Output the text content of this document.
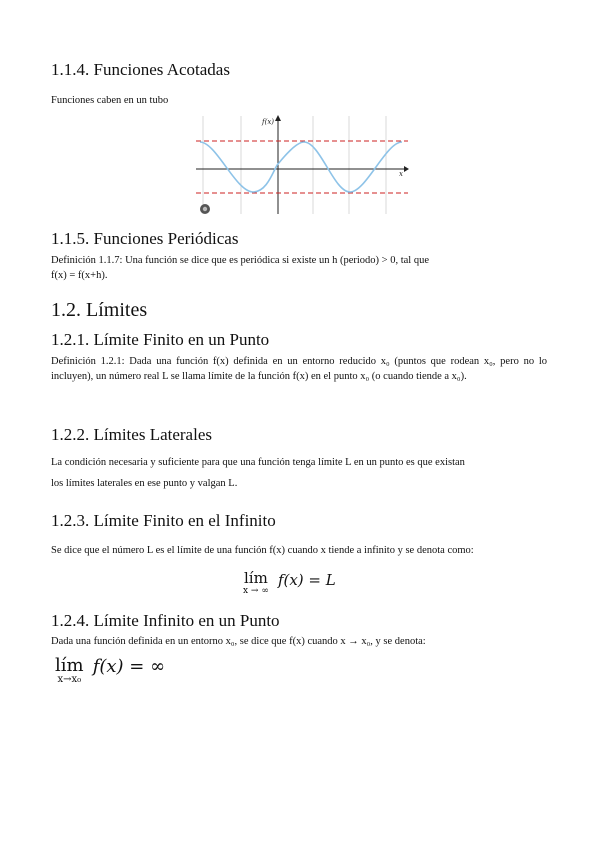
1.1.4. Funciones Acotadas

Funciones caben en un tubo

f(x)
x
1.1.5. Funciones Periódicas

Definición 1.1.7: Una función se dice que es periódica si existe un h (periodo) > 0, tal que

f(x) = f(x+h).

1.2. Límites
1.2.1. Límite Finito en un Punto

Definición 1.2.1: Dada una función f(x) definida en un entorno reducido x₀ (puntos que rodean x₀, pero no lo incluyen), un número real L se llama límite de la función f(x) en el punto x₀ (o cuando tiende a x₀).

1.2.2. Límites Laterales

La condición necesaria y suficiente para que una función tenga límite L en un punto es que existan

los límites laterales en ese punto y valgan L.

1.2.3. Límite Finito en el Infinito

Se dice que el número L es el límite de una función f(x) cuando x tiende a infinito y se denota como:

lím
x → ∞
f(x) = L
1.2.4. Límite Infinito en un Punto

Dada una función definida en un entorno x₀, se dice que f(x) cuando x → x₀, y se denota:

lím
x→x₀
f(x) = ∞
